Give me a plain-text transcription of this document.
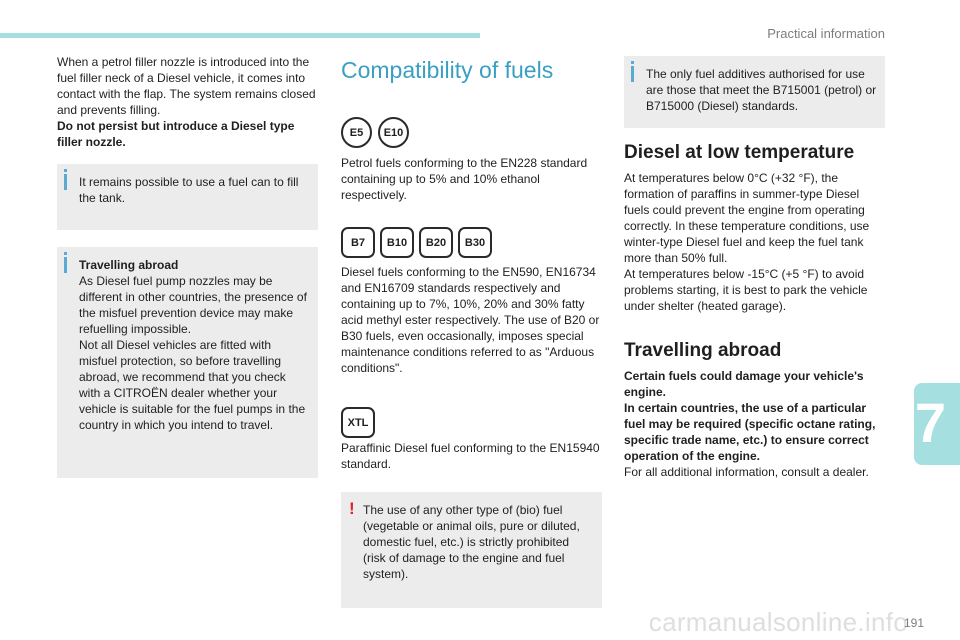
Practical information

When a petrol filler nozzle is introduced into the fuel filler neck of a Diesel vehicle, it comes into contact with the flap. The system remains closed and prevents filling.

Do not persist but introduce a Diesel type filler nozzle.

It remains possible to use a fuel can to fill the tank.

Travelling abroad

As Diesel fuel pump nozzles may be different in other countries, the presence of the misfuel prevention device may make refuelling impossible.

Not all Diesel vehicles are fitted with misfuel protection, so before travelling abroad, we recommend that you check with a CITROËN dealer whether your vehicle is suitable for the fuel pumps in the country in which you intend to travel.

Compatibility of fuels
E5	E10
Petrol fuels conforming to the EN228 standard containing up to 5% and 10% ethanol respectively.
B7	B10	B20	B30
Diesel fuels conforming to the EN590, EN16734 and EN16709 standards respectively and containing up to 7%, 10%, 20% and 30% fatty acid methyl ester respectively. The use of B20 or B30 fuels, even occasionally, imposes special maintenance conditions referred to as "Arduous conditions".
XTL
Paraffinic Diesel fuel conforming to the EN15940 standard.
! The use of any other type of (bio) fuel (vegetable or animal oils, pure or diluted, domestic fuel, etc.) is strictly prohibited (risk of damage to the engine and fuel system).

The only fuel additives authorised for use are those that meet the B715001 (petrol) or B715000 (Diesel) standards.

Diesel at low temperature

At temperatures below 0°C (+32 °F), the formation of paraffins in summer-type Diesel fuels could prevent the engine from operating correctly. In these temperature conditions, use winter-type Diesel fuel and keep the fuel tank more than 50% full.

At temperatures below -15°C (+5 °F) to avoid problems starting, it is best to park the vehicle under shelter (heated garage).

Travelling abroad

Certain fuels could damage your vehicle's engine.

In certain countries, the use of a particular fuel may be required (specific octane rating, specific trade name, etc.) to ensure correct operation of the engine.

For all additional information, consult a dealer.

7
carmanualsonline.info
191
